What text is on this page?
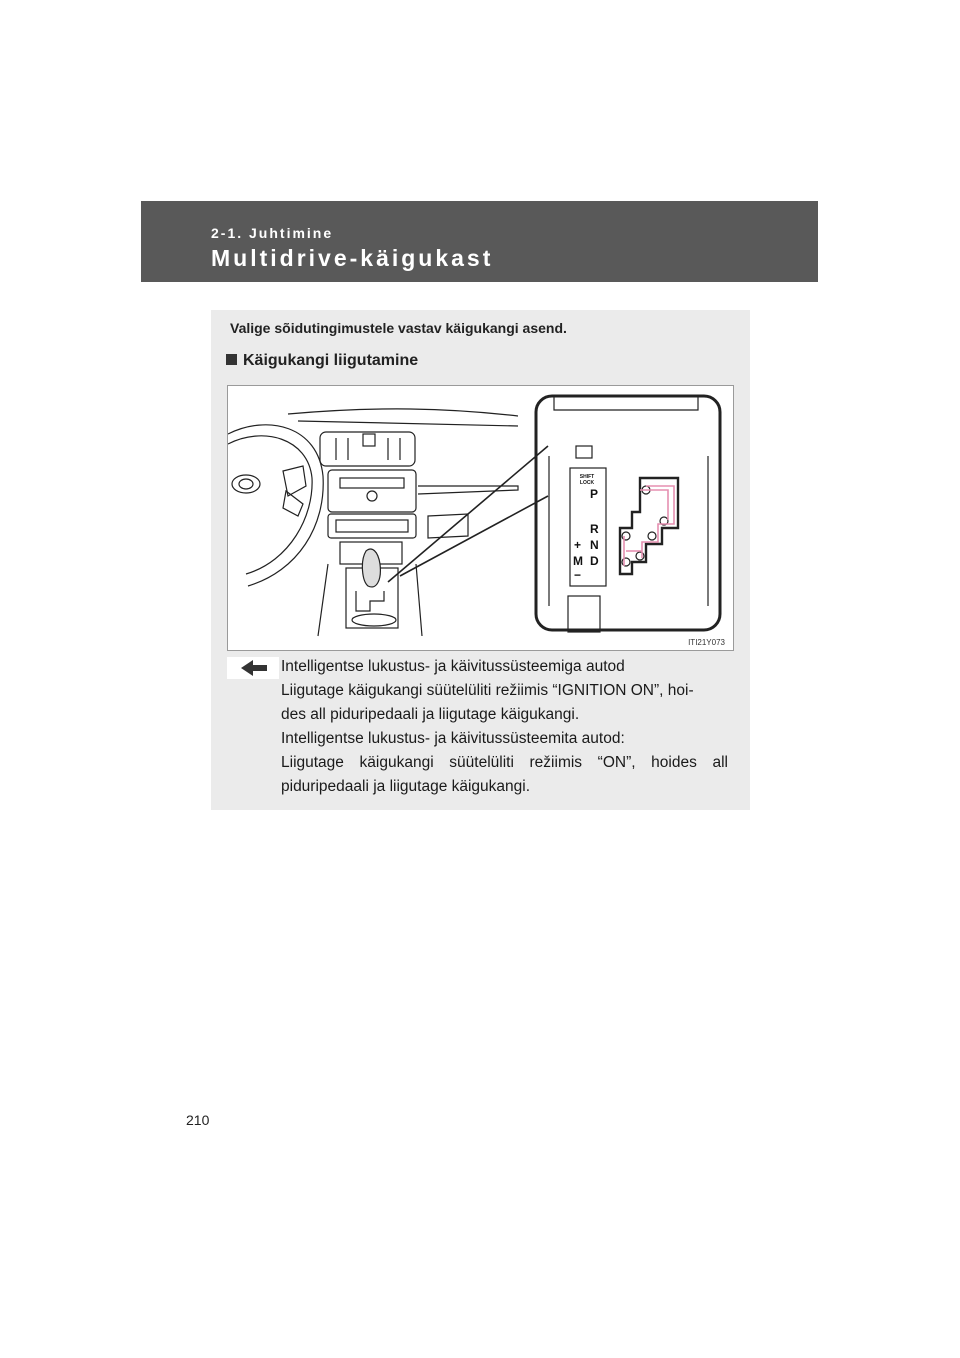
2-1. Juhtimine
Multidrive-käigukast
Valige sõidutingimustele vastav käigukangi asend.
Käigukangi liigutamine
SHIFT LOCK
P
R
N
D
M
+
−
ITI21Y073

Intelligentse lukustus- ja käivitussüsteemiga autod

Liigutage käigukangi süütelüliti režiimis “IGNITION ON”, hoi-

des all piduripedaali ja liigutage käigukangi.

Intelligentse lukustus- ja käivitussüsteemita autod:

Liigutage käigukangi süütelüliti režiimis “ON”, hoides all

piduripedaali ja liigutage käigukangi.

210
